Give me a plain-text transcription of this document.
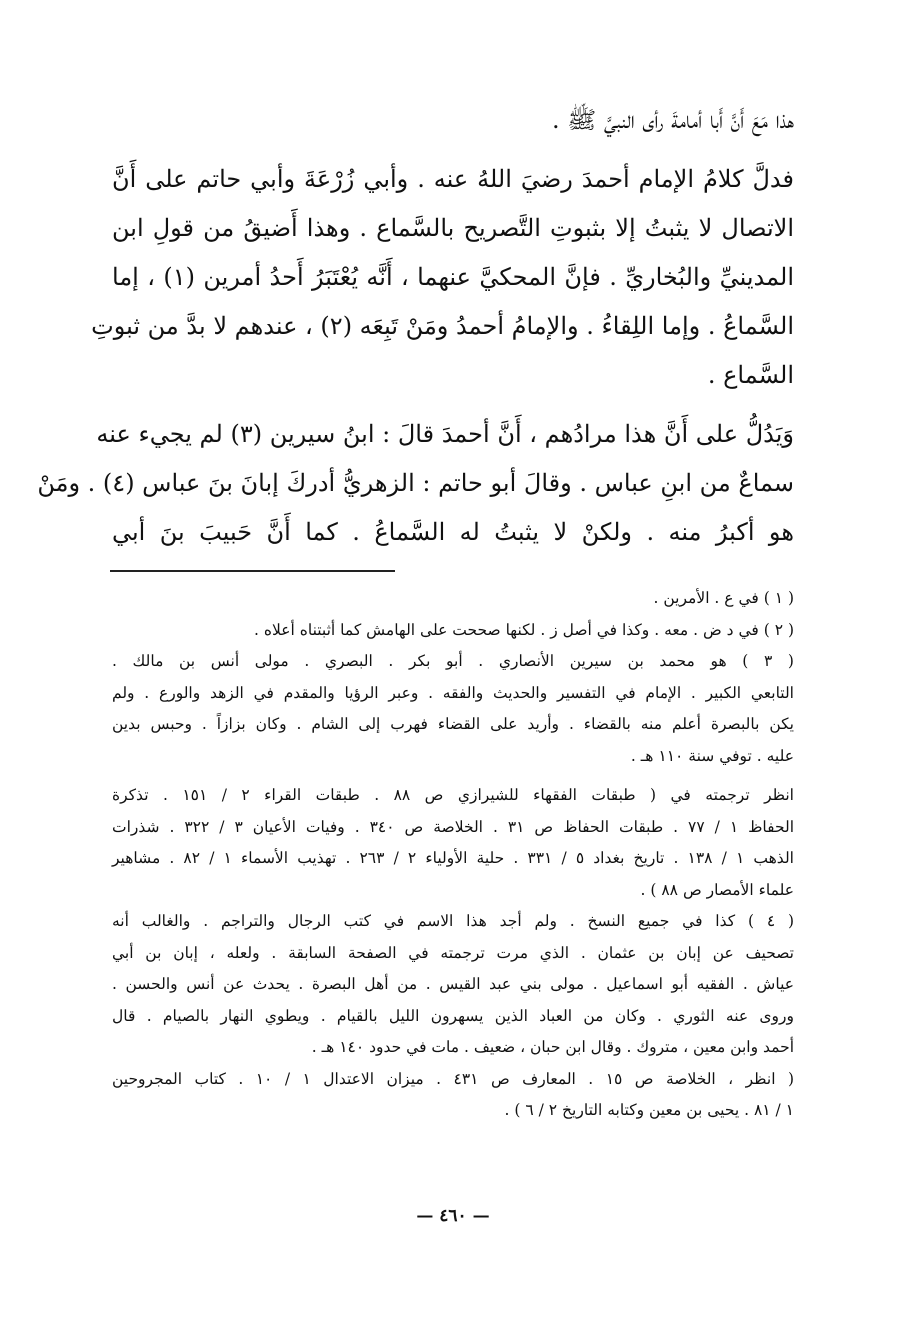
هذا مَعَ أَنَّ أَبا أمامةَ رأى النبيَّ ﷺ .
فدلَّ كلامُ الإمام أحمدَ رضيَ اللهُ عنه . وأبي زُرْعَةَ وأبي حاتم على أَنَّ
الاتصال لا يثبتُ إلا بثبوتِ التَّصريح بالسَّماع . وهذا أَضيقُ من قولِ ابن
المدينيِّ والبُخاريِّ . فإنَّ المحكيَّ عنهما ، أَنَّه يُعْتَبَرُ أَحدُ أمرين (١) ، إما
السَّماعُ . وإما اللِقاءُ . والإمامُ أحمدُ ومَنْ تَبِعَه (٢) ، عندهم لا بدَّ من ثبوتِ
السَّماع .
وَيَدُلُّ على أَنَّ هذا مرادُهم ، أَنَّ أحمدَ قالَ : ابنُ سيرين (٣) لم يجيء عنه
سماعٌ من ابنِ عباس . وقالَ أبو حاتم : الزهريُّ أدركَ إبانَ بنَ عباس (٤) . ومَنْ
هو أكبرُ منه . ولكنْ لا يثبتُ له السَّماعُ . كما أَنَّ حَبيبَ بنَ أبي
( ١ ) في ع . الأمرين .
( ٢ ) في د ض . معه . وكذا في أصل ز . لكنها صححت على الهامش كما أثبتناه أعلاه .
( ٣ ) هو محمد بن سيرين الأنصاري . أبو بكر . البصري . مولى أنس بن مالك .
التابعي الكبير . الإمام في التفسير والحديث والفقه . وعبر الرؤيا والمقدم في الزهد والورع . ولم
يكن بالبصرة أعلم منه بالقضاء . وأريد على القضاء فهرب إلى الشام . وكان بزازاً . وحبس بدين
عليه . توفي سنة ١١٠ هـ .
انظر ترجمته في ( طبقات الفقهاء للشيرازي ص ٨٨ . طبقات القراء ٢ / ١٥١ . تذكرة
الحفاظ ١ / ٧٧ . طبقات الحفاظ ص ٣١ . الخلاصة ص ٣٤٠ . وفيات الأعيان ٣ / ٣٢٢ . شذرات
الذهب ١ / ١٣٨ . تاريخ بغداد ٥ / ٣٣١ . حلية الأولياء ٢ / ٢٦٣ . تهذيب الأسماء ١ / ٨٢ . مشاهير
علماء الأمصار ص ٨٨ ) .
( ٤ ) كذا في جميع النسخ . ولم أجد هذا الاسم في كتب الرجال والتراجم . والغالب أنه
تصحيف عن إبان بن عثمان . الذي مرت ترجمته في الصفحة السابقة . ولعله ، إبان بن أبي
عياش . الفقيه أبو اسماعيل . مولى بني عبد القيس . من أهل البصرة . يحدث عن أنس والحسن .
وروى عنه الثوري . وكان من العباد الذين يسهرون الليل بالقيام . ويطوي النهار بالصيام . قال
أحمد وابن معين ، متروك . وقال ابن حبان ، ضعيف . مات في حدود ١٤٠ هـ .
( انظر ، الخلاصة ص ١٥ . المعارف ص ٤٣١ . ميزان الاعتدال ١ / ١٠ . كتاب المجروحين
١ / ٨١ . يحيى بن معين وكتابه التاريخ ٢ / ٦ ) .
— ٤٦٠ —
